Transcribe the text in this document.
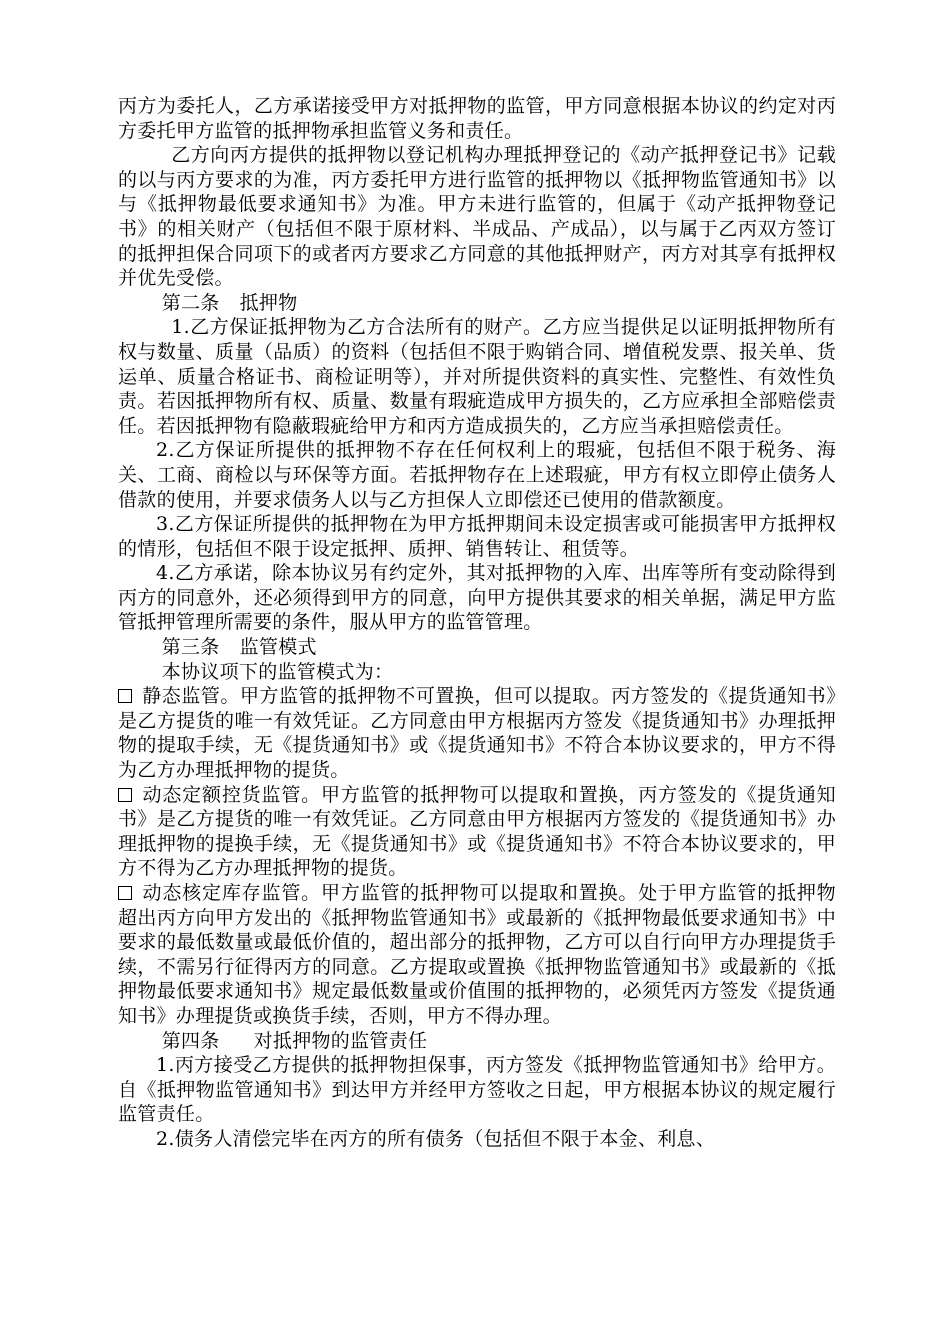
丙方为委托人，乙方承诺接受甲方对抵押物的监管，甲方同意根据本协议的约定对丙方委托甲方监管的抵押物承担监管义务和责任。

乙方向丙方提供的抵押物以登记机构办理抵押登记的《动产抵押登记书》记载的以与丙方要求的为准，丙方委托甲方进行监管的抵押物以《抵押物监管通知书》以与《抵押物最低要求通知书》为准。甲方未进行监管的，但属于《动产抵押物登记书》的相关财产（包括但不限于原材料、半成品、产成品），以与属于乙丙双方签订的抵押担保合同项下的或者丙方要求乙方同意的其他抵押财产，丙方对其享有抵押权并优先受偿。

第二条 抵押物

1.乙方保证抵押物为乙方合法所有的财产。乙方应当提供足以证明抵押物所有权与数量、质量（品质）的资料（包括但不限于购销合同、增值税发票、报关单、货运单、质量合格证书、商检证明等），并对所提供资料的真实性、完整性、有效性负责。若因抵押物所有权、质量、数量有瑕疵造成甲方损失的，乙方应承担全部赔偿责任。若因抵押物有隐蔽瑕疵给甲方和丙方造成损失的，乙方应当承担赔偿责任。

2.乙方保证所提供的抵押物不存在任何权利上的瑕疵，包括但不限于税务、海关、工商、商检以与环保等方面。若抵押物存在上述瑕疵，甲方有权立即停止债务人借款的使用，并要求债务人以与乙方担保人立即偿还已使用的借款额度。

3.乙方保证所提供的抵押物在为甲方抵押期间未设定损害或可能损害甲方抵押权的情形，包括但不限于设定抵押、质押、销售转让、租赁等。

4.乙方承诺，除本协议另有约定外，其对抵押物的入库、出库等所有变动除得到丙方的同意外，还必须得到甲方的同意，向甲方提供其要求的相关单据，满足甲方监管抵押管理所需要的条件，服从甲方的监管管理。

第三条 监管模式

本协议项下的监管模式为：

静态监管。甲方监管的抵押物不可置换，但可以提取。丙方签发的《提货通知书》是乙方提货的唯一有效凭证。乙方同意由甲方根据丙方签发《提货通知书》办理抵押物的提取手续，无《提货通知书》或《提货通知书》不符合本协议要求的，甲方不得为乙方办理抵押物的提货。

动态定额控货监管。甲方监管的抵押物可以提取和置换，丙方签发的《提货通知书》是乙方提货的唯一有效凭证。乙方同意由甲方根据丙方签发的《提货通知书》办理抵押物的提换手续，无《提货通知书》或《提货通知书》不符合本协议要求的，甲方不得为乙方办理抵押物的提货。

动态核定库存监管。甲方监管的抵押物可以提取和置换。处于甲方监管的抵押物超出丙方向甲方发出的《抵押物监管通知书》或最新的《抵押物最低要求通知书》中要求的最低数量或最低价值的，超出部分的抵押物，乙方可以自行向甲方办理提货手续，不需另行征得丙方的同意。乙方提取或置换《抵押物监管通知书》或最新的《抵押物最低要求通知书》规定最低数量或价值围的抵押物的，必须凭丙方签发《提货通知书》办理提货或换货手续，否则，甲方不得办理。

第四条 对抵押物的监管责任

1.丙方接受乙方提供的抵押物担保事，丙方签发《抵押物监管通知书》给甲方。自《抵押物监管通知书》到达甲方并经甲方签收之日起，甲方根据本协议的规定履行监管责任。

2.债务人清偿完毕在丙方的所有债务（包括但不限于本金、利息、
